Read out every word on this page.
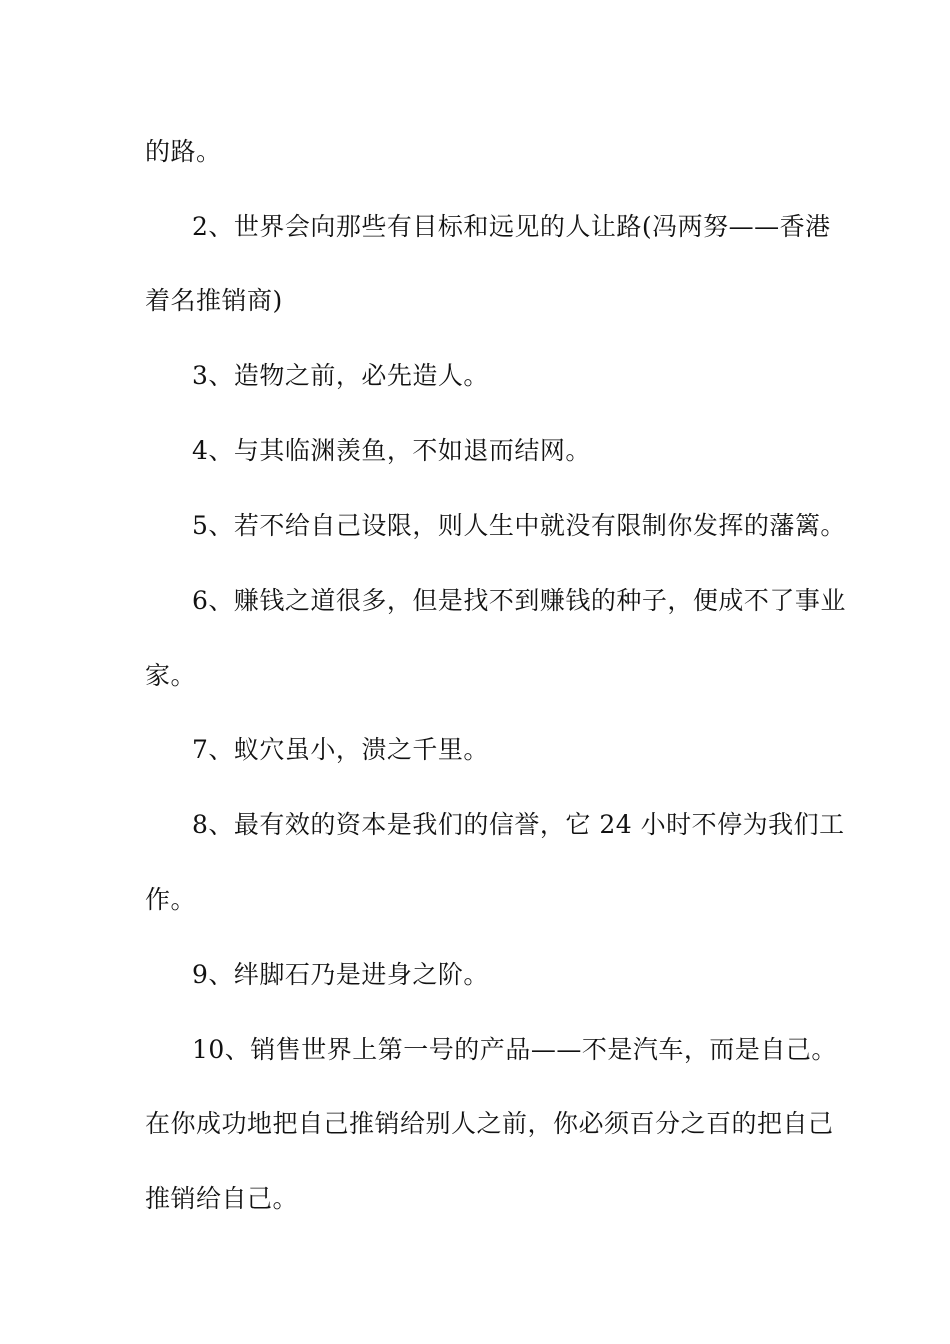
的路。
2、世界会向那些有目标和远见的人让路(冯两努——香港
着名推销商)
3、造物之前，必先造人。
4、与其临渊羡鱼，不如退而结网。
5、若不给自己设限，则人生中就没有限制你发挥的藩篱。
6、赚钱之道很多，但是找不到赚钱的种子，便成不了事业
家。
7、蚁穴虽小，溃之千里。
8、最有效的资本是我们的信誉，它 24 小时不停为我们工
作。
9、绊脚石乃是进身之阶。
10、销售世界上第一号的产品——不是汽车，而是自己。
在你成功地把自己推销给别人之前，你必须百分之百的把自己
推销给自己。
